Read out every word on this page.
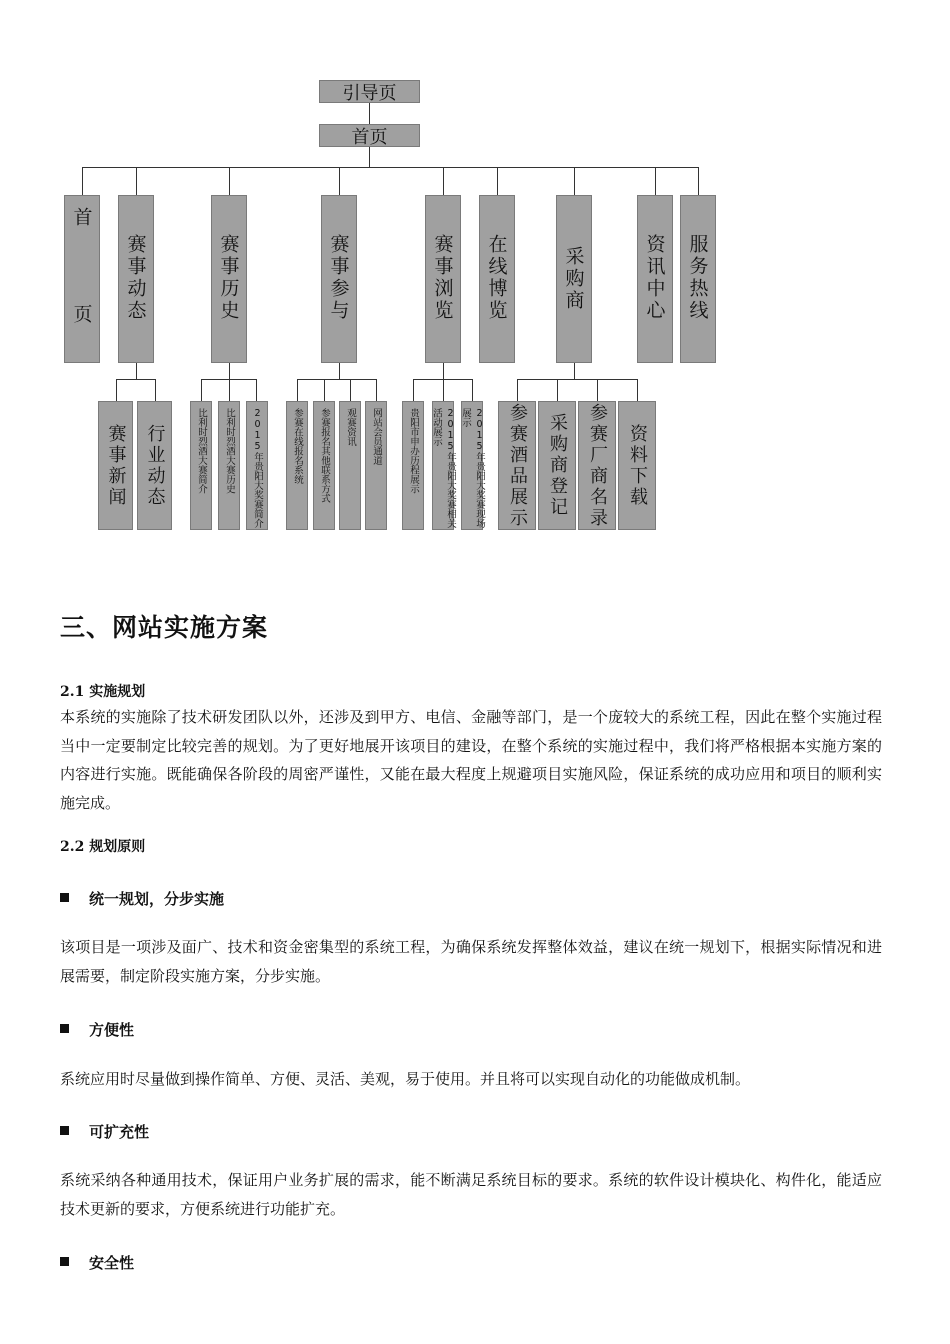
引导页
首页
首 页	赛事动态	赛事历史	赛事参与	赛事浏览	在线博览	采购商	资讯中心	服务热线
赛事新闻	行业动态	比利时烈酒大赛简介	比利时烈酒大赛历史	2015年贵阳大奖赛简介	参赛在线报名系统	参赛报名其他联系方式	观赛资讯	网站会员通道	贵阳市申办历程展示	2015年贵阳大奖赛相关活动展示	2015年贵阳大奖赛现场展示	参赛酒品展示	采购商登记	参赛厂商名录	资料下载
三、网站实施方案
2.1 实施规划
本系统的实施除了技术研发团队以外，还涉及到甲方、电信、金融等部门，是一个庞较大的系统工程，因此在整个实施过程当中一定要制定比较完善的规划。为了更好地展开该项目的建设，在整个系统的实施过程中，我们将严格根据本实施方案的内容进行实施。既能确保各阶段的周密严谨性，又能在最大程度上规避项目实施风险，保证系统的成功应用和项目的顺利实施完成。
2.2 规划原则
统一规划，分步实施
该项目是一项涉及面广、技术和资金密集型的系统工程，为确保系统发挥整体效益，建议在统一规划下，根据实际情况和进展需要，制定阶段实施方案，分步实施。
方便性
系统应用时尽量做到操作简单、方便、灵活、美观，易于使用。并且将可以实现自动化的功能做成机制。
可扩充性
系统采纳各种通用技术，保证用户业务扩展的需求，能不断满足系统目标的要求。系统的软件设计模块化、构件化，能适应技术更新的要求，方便系统进行功能扩充。
安全性
